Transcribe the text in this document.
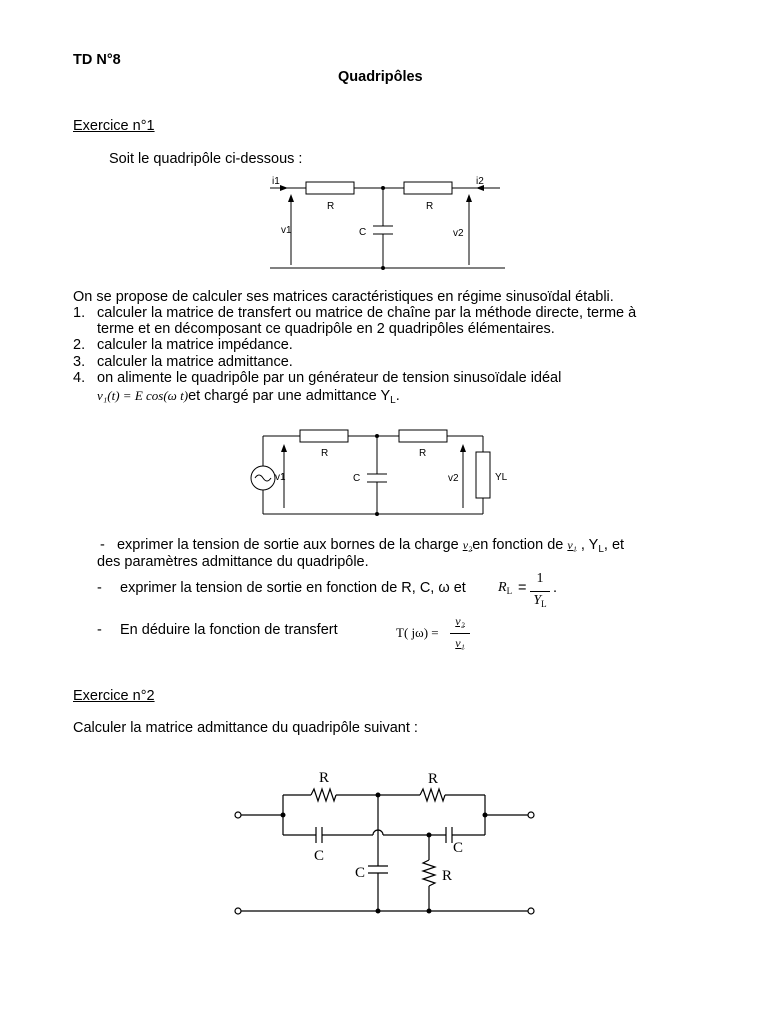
TD N°8
Quadripôles
Exercice n°1
Soit le quadripôle ci-dessous :
i1	i2
R	R
C
v1	v2
On se propose de calculer ses matrices caractéristiques en régime sinusoïdal établi.
1. calculer la matrice de transfert ou matrice de chaîne par la méthode directe, terme à
terme et en décomposant ce quadripôle en 2 quadripôles élémentaires.
2. calculer la matrice impédance.
3. calculer la matrice admittance.
4. on alimente le quadripôle par un générateur de tension sinusoïdale idéal
v₁(t) = E cos(ω t)et chargé par une admittance $Y_L$.
R	R
C
v1	v2	YL
- exprimer la tension de sortie aux bornes de la charge v₂en fonction de v₁ , $Y_L$, et
des paramètres admittance du quadripôle.
- exprimer la tension de sortie en fonction de R, C, ω et $R_L$ =
1
$Y_L$
.
- En déduire la fonction de transfert	T( jω) =
v₂
v₁
Exercice n°2
Calculer la matrice admittance du quadripôle suivant :
R	R
C	C
C	R
